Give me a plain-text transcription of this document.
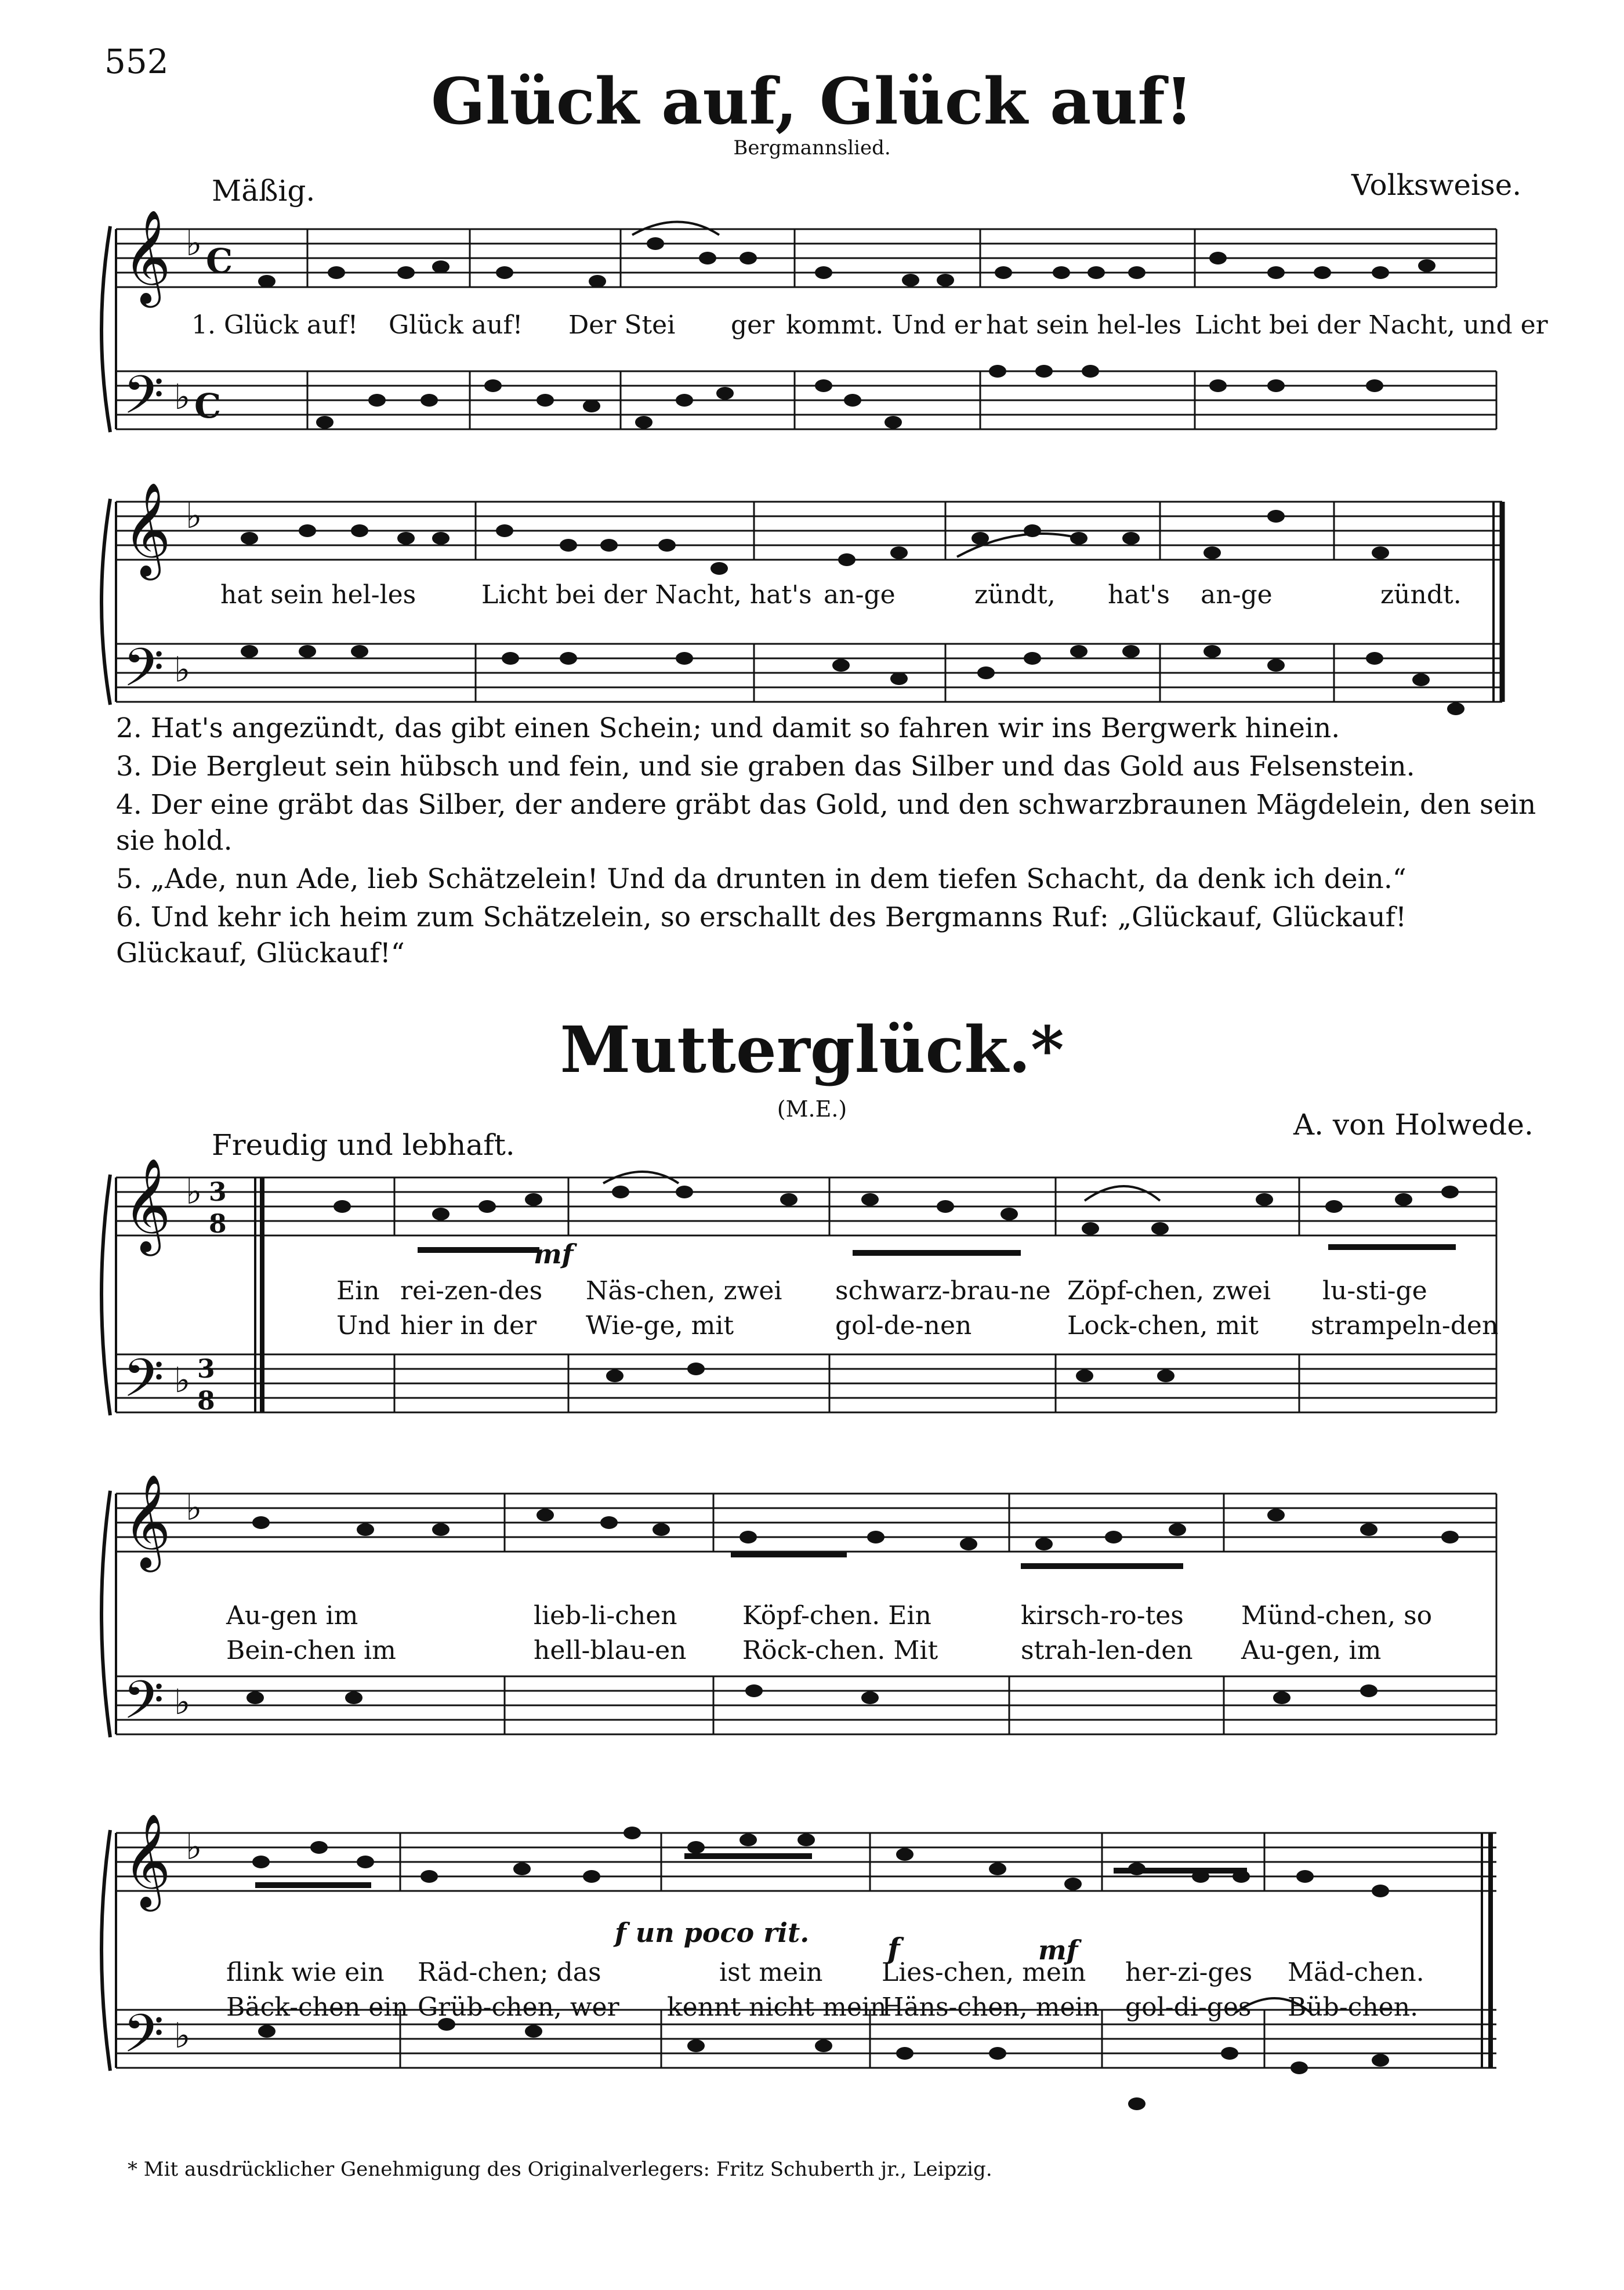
𝄞
𝄢
𝄞
𝄢
𝄞
𝄢
𝄞
𝄢
𝄞
𝄢
♭
♭
♭
♭
♭
♭
♭
♭
♭
♭
C
C
3
8
3
8
552
Glück auf, Glück auf!
Bergmannslied.
Mäßig.	Volksweise.
1. Glück auf! Glück auf! Der Stei ger kommt. Und er hat sein hel-les Licht bei der Nacht, und er
hat sein hel-les	Licht bei der Nacht, hat's an-ge	zündt, hat's an-ge	zündt.

2. Hat's angezündt, das gibt einen Schein; und damit so fahren wir ins Bergwerk hinein.

3. Die Bergleut sein hübsch und fein, und sie graben das Silber und das Gold aus Felsenstein.

4. Der eine gräbt das Silber, der andere gräbt das Gold, und den schwarzbraunen Mägdelein, den sein sie hold.

5. „Ade, nun Ade, lieb Schätzelein! Und da drunten in dem tiefen Schacht, da denk ich dein.“

6. Und kehr ich heim zum Schätzelein, so erschallt des Bergmanns Ruf: „Glückauf, Glückauf! Glückauf, Glückauf!“

Mutterglück.*
(M.E.)
Freudig und lebhaft.
A. von Holwede.
mf
f un poco rit.	f	mf
Ein rei-zen-des Näs-chen, zwei schwarz-brau-ne Zöpf-chen, zwei lu-sti-ge
Und hier in der Wie-ge, mit	gol-de-nen	Lock-chen, mit strampeln-den
Au-gen im	lieb-li-chen	Köpf-chen. Ein	kirsch-ro-tes Münd-chen, so
Bein-chen im	hell-blau-en Röck-chen. Mit	strah-len-den Au-gen, im
flink wie ein Räd-chen; das	ist mein Lies-chen, mein her-zi-ges Mäd-chen.
Bäck-chen ein Grüb-chen, wer kennt nicht mein
Häns-chen, mein gol-di-ges Büb-chen.
* Mit ausdrücklicher Genehmigung des Originalverlegers: Fritz Schuberth jr., Leipzig.
